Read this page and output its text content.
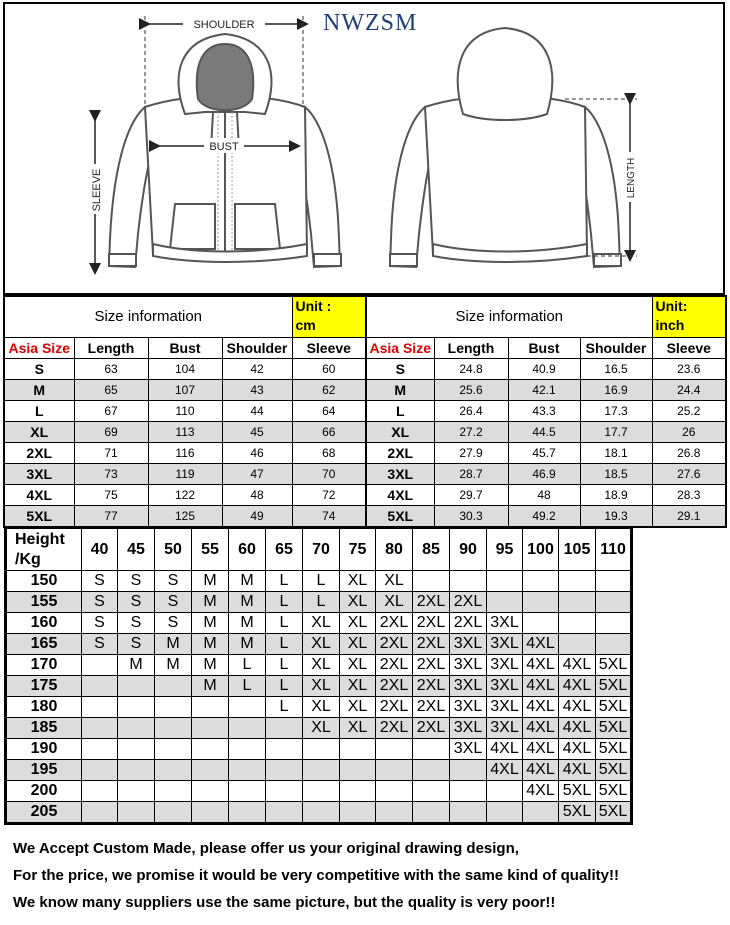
NWZSM
SHOULDER
BUST
SLEEVE	LENGTH
Size information				Unit :
cm
Asia Size	Length	Bust	Shoulder	Sleeve
S	63	104	42	60
M	65	107	43	62
L	67	110	44	64
XL	69	113	45	66
2XL	71	116	46	68
3XL	73	119	47	70
4XL	75	122	48	72
5XL	77	125	49	74
Size information				Unit:
inch
Asia Size	Length	Bust	Shoulder	Sleeve
S	24.8	40.9	16.5	23.6
M	25.6	42.1	16.9	24.4
L	26.4	43.3	17.3	25.2
XL	27.2	44.5	17.7	26
2XL	27.9	45.7	18.1	26.8
3XL	28.7	46.9	18.5	27.6
4XL	29.7	48	18.9	28.3
5XL	30.3	49.2	19.3	29.1
Height
/Kg	40	45	50	55	60	65	70	75	80	85	90	95	100	105	110
150	S	S	S	M	M	L	L	XL	XL						
155	S	S	S	M	M	L	L	XL	XL	2XL	2XL				
160	S	S	S	M	M	L	XL	XL	2XL	2XL	2XL	3XL			
165	S	S	M	M	M	L	XL	XL	2XL	2XL	3XL	3XL	4XL		
170		M	M	M	L	L	XL	XL	2XL	2XL	3XL	3XL	4XL	4XL	5XL
175				M	L	L	XL	XL	2XL	2XL	3XL	3XL	4XL	4XL	5XL
180						L	XL	XL	2XL	2XL	3XL	3XL	4XL	4XL	5XL
185							XL	XL	2XL	2XL	3XL	3XL	4XL	4XL	5XL
190											3XL	4XL	4XL	4XL	5XL
195												4XL	4XL	4XL	5XL
200													4XL	5XL	5XL
205														5XL	5XL
We Accept Custom Made, please offer us your original drawing design,
For the price, we promise it would be very competitive with the same kind of quality!!
We know many suppliers use the same picture, but the quality is very poor!!
